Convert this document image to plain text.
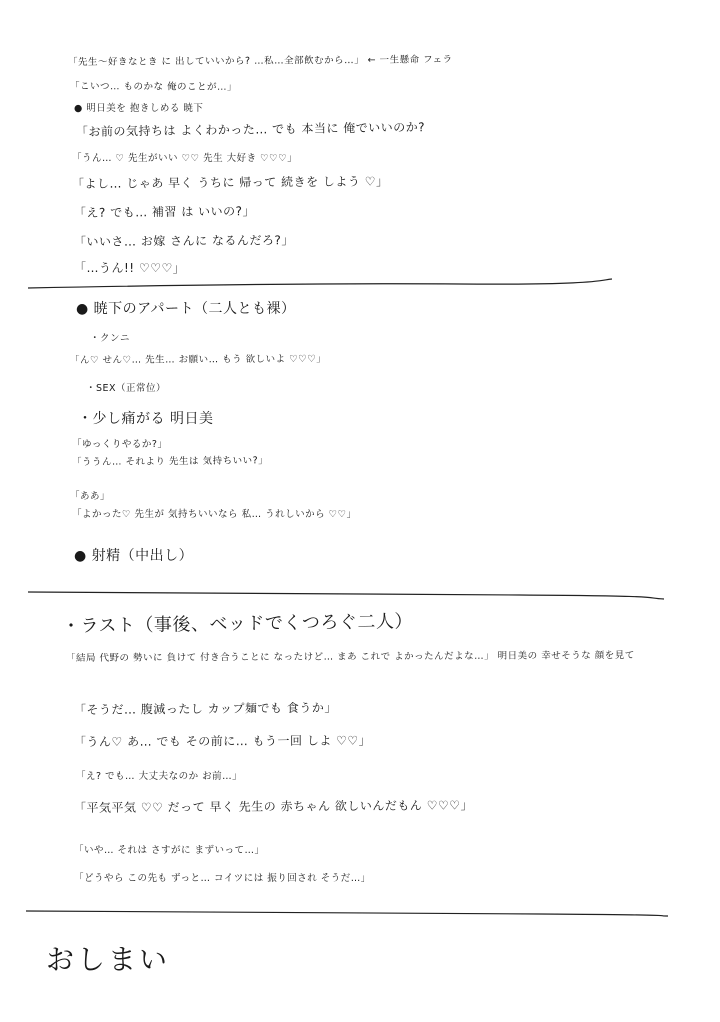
「先生～好きなとき に 出していいから? …私…全部飲むから…」 ← 一生懸命 フェラ
「こいつ… ものかな 俺のことが…」
● 明日美を 抱きしめる 暁下
「お前の気持ちは よくわかった… でも 本当に 俺でいいのか?
「うん… ♡ 先生がいい ♡♡ 先生 大好き ♡♡♡」
「よし… じゃあ 早く うちに 帰って 続きを しよう ♡」
「え? でも… 補習 は いいの?」
「いいさ… お嫁 さんに なるんだろ?」
「…うん!! ♡♡♡」
● 暁下のアパート（二人とも裸）
・クンニ
「ん♡ せん♡… 先生… お願い… もう 欲しいよ ♡♡♡」
・SEX（正常位）
・少し痛がる 明日美
「ゆっくりやるか?」
「ううん… それより 先生は 気持ちいい?」
「ああ」
「よかった♡ 先生が 気持ちいいなら 私… うれしいから ♡♡」
● 射精（中出し）
・ラスト（事後、ベッドでくつろぐ二人）
「結局 代野の 勢いに 負けて 付き合うことに なったけど… まあ これで よかったんだよな…」 明日美の 幸せそうな 顔を見て
「そうだ… 腹減ったし カップ麺でも 食うか」
「うん♡ あ… でも その前に… もう一回 しよ ♡♡」
「え? でも… 大丈夫なのか お前…」
「平気平気 ♡♡ だって 早く 先生の 赤ちゃん 欲しいんだもん ♡♡♡」
「いや… それは さすがに まずいって…」
「どうやら この先も ずっと… コイツには 振り回され そうだ…」
おしまい
